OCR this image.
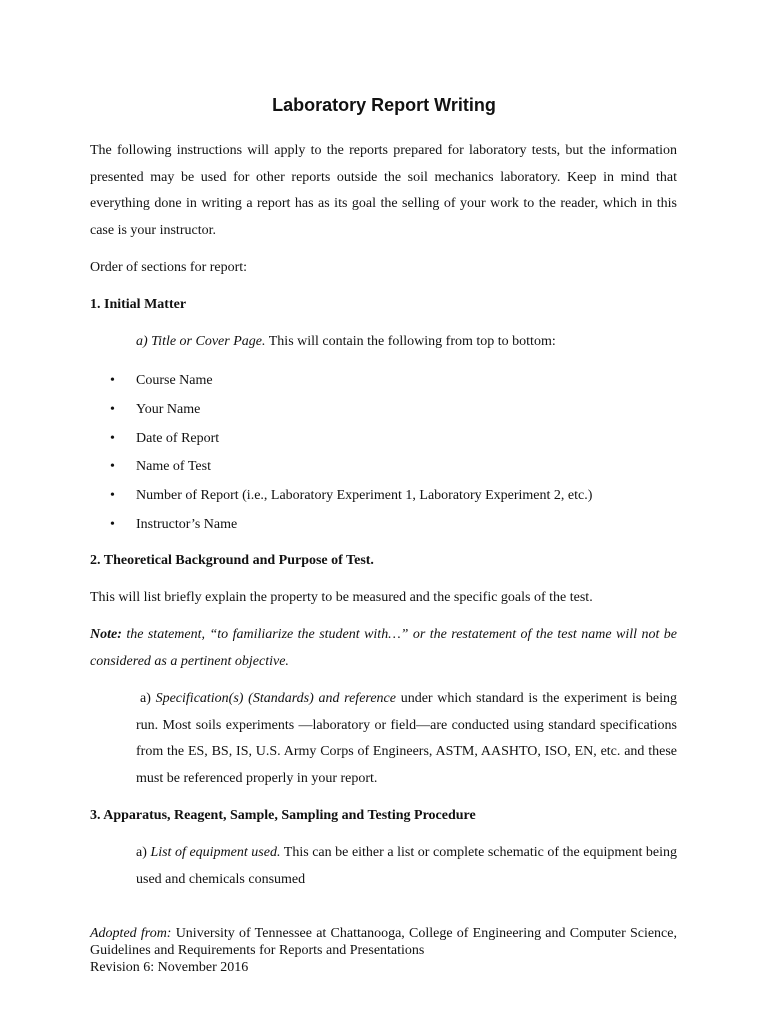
Laboratory Report Writing

The following instructions will apply to the reports prepared for laboratory tests, but the information presented may be used for other reports outside the soil mechanics laboratory. Keep in mind that everything done in writing a report has as its goal the selling of your work to the reader, which in this case is your instructor.

Order of sections for report:

1. Initial Matter

a) Title or Cover Page. This will contain the following from top to bottom:

•	Course Name
•	Your Name
•	Date of Report
•	Name of Test
•	Number of Report (i.e., Laboratory Experiment 1, Laboratory Experiment 2, etc.)
•	Instructor’s Name

2. Theoretical Background and Purpose of Test.

This will list briefly explain the property to be measured and the specific goals of the test.

Note: the statement, “to familiarize the student with…” or the restatement of the test name will not be considered as a pertinent objective.

a) Specification(s) (Standards) and reference under which standard is the experiment is being run. Most soils experiments —laboratory or field—are conducted using standard specifications from the ES, BS, IS, U.S. Army Corps of Engineers, ASTM, AASHTO, ISO, EN, etc. and these must be referenced properly in your report.

3. Apparatus, Reagent, Sample, Sampling and Testing Procedure

a) List of equipment used. This can be either a list or complete schematic of the equipment being used and chemicals consumed

Adopted from: University of Tennessee at Chattanooga, College of Engineering and Computer Science, Guidelines and Requirements for Reports and Presentations
Revision 6: November 2016
